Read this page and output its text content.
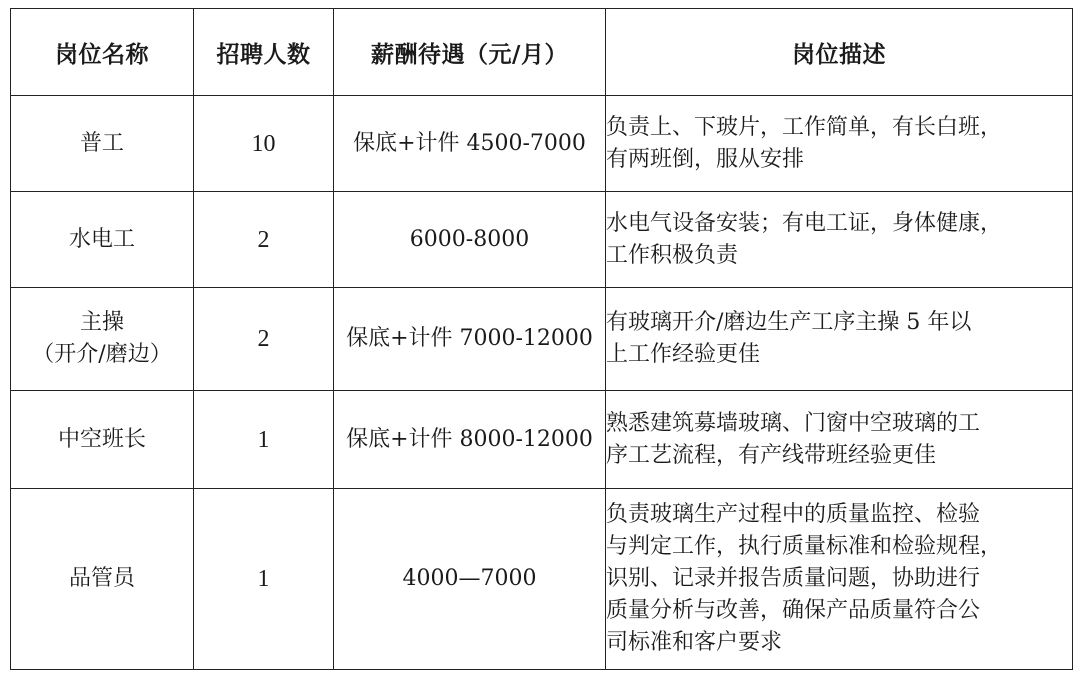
岗位名称	招聘人数	薪酬待遇（元/月）	岗位描述

普工	10	保底+计件 4500-7000	负责上、下玻片，工作简单，有长白班，
有两班倒，服从安排

水电工	2	6000-8000	水电气设备安装；有电工证，身体健康，
工作积极负责

主操
（开介/磨边）	2	保底+计件 7000-12000	有玻璃开介/磨边生产工序主操 5 年以
上工作经验更佳

中空班长	1	保底+计件 8000-12000	熟悉建筑募墙玻璃、门窗中空玻璃的工
序工艺流程，有产线带班经验更佳

品管员	1	4000—7000	负责玻璃生产过程中的质量监控、检验
与判定工作，执行质量标准和检验规程，
识别、记录并报告质量问题，协助进行
质量分析与改善，确保产品质量符合公
司标准和客户要求
